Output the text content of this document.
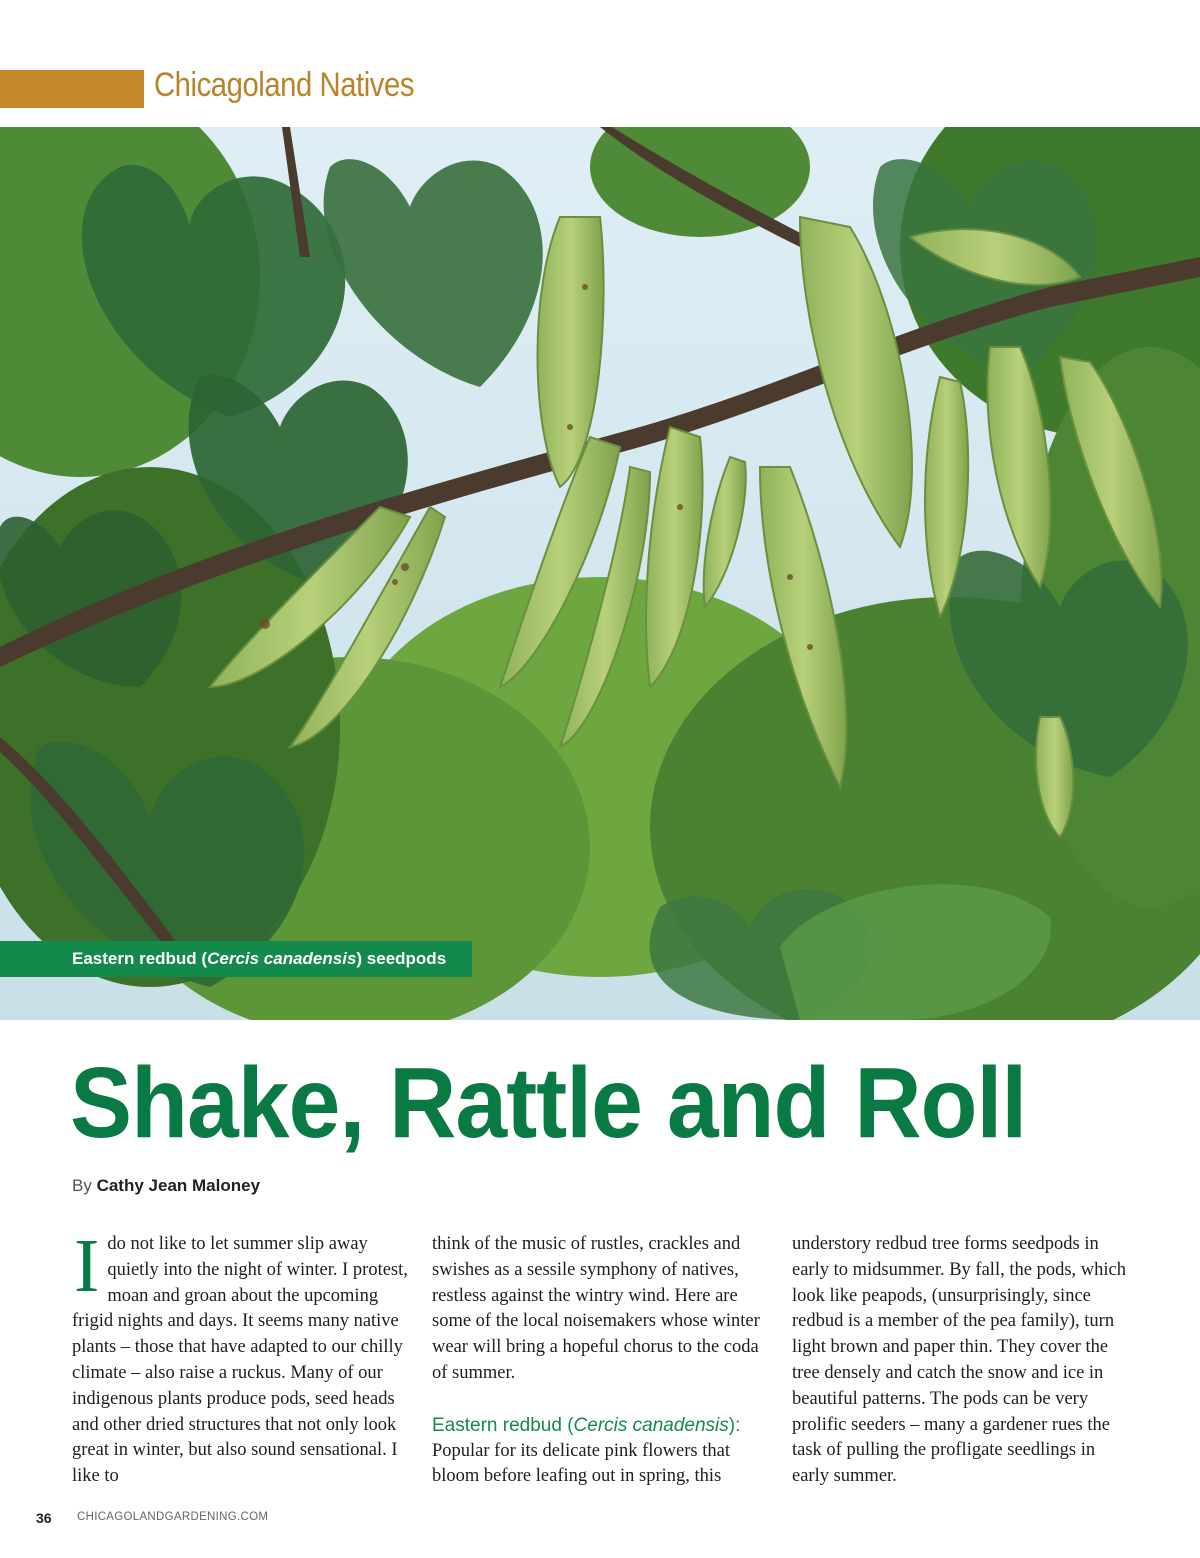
Chicagoland Natives
Eastern redbud (Cercis canadensis) seedpods
Shake, Rattle and Roll
By Cathy Jean Maloney
I do not like to let summer slip away quietly into the night of winter. I protest, moan and groan about the upcoming frigid nights and days. It seems many native plants – those that have adapted to our chilly climate – also raise a ruckus. Many of our indigenous plants produce pods, seed heads and other dried structures that not only look great in winter, but also sound sensational. I like to

think of the music of rustles, crackles and swishes as a sessile symphony of natives, restless against the wintry wind. Here are some of the local noisemakers whose winter wear will bring a hopeful chorus to the coda of summer.

Eastern redbud (Cercis canadensis):

Popular for its delicate pink flowers that bloom before leafing out in spring, this

understory redbud tree forms seedpods in early to midsummer. By fall, the pods, which look like peapods, (unsurprisingly, since redbud is a member of the pea family), turn light brown and paper thin. They cover the tree densely and catch the snow and ice in beautiful patterns. The pods can be very prolific seeders – many a gardener rues the task of pulling the profligate seedlings in early summer.

36 CHICAGOLANDGARDENING.COM
